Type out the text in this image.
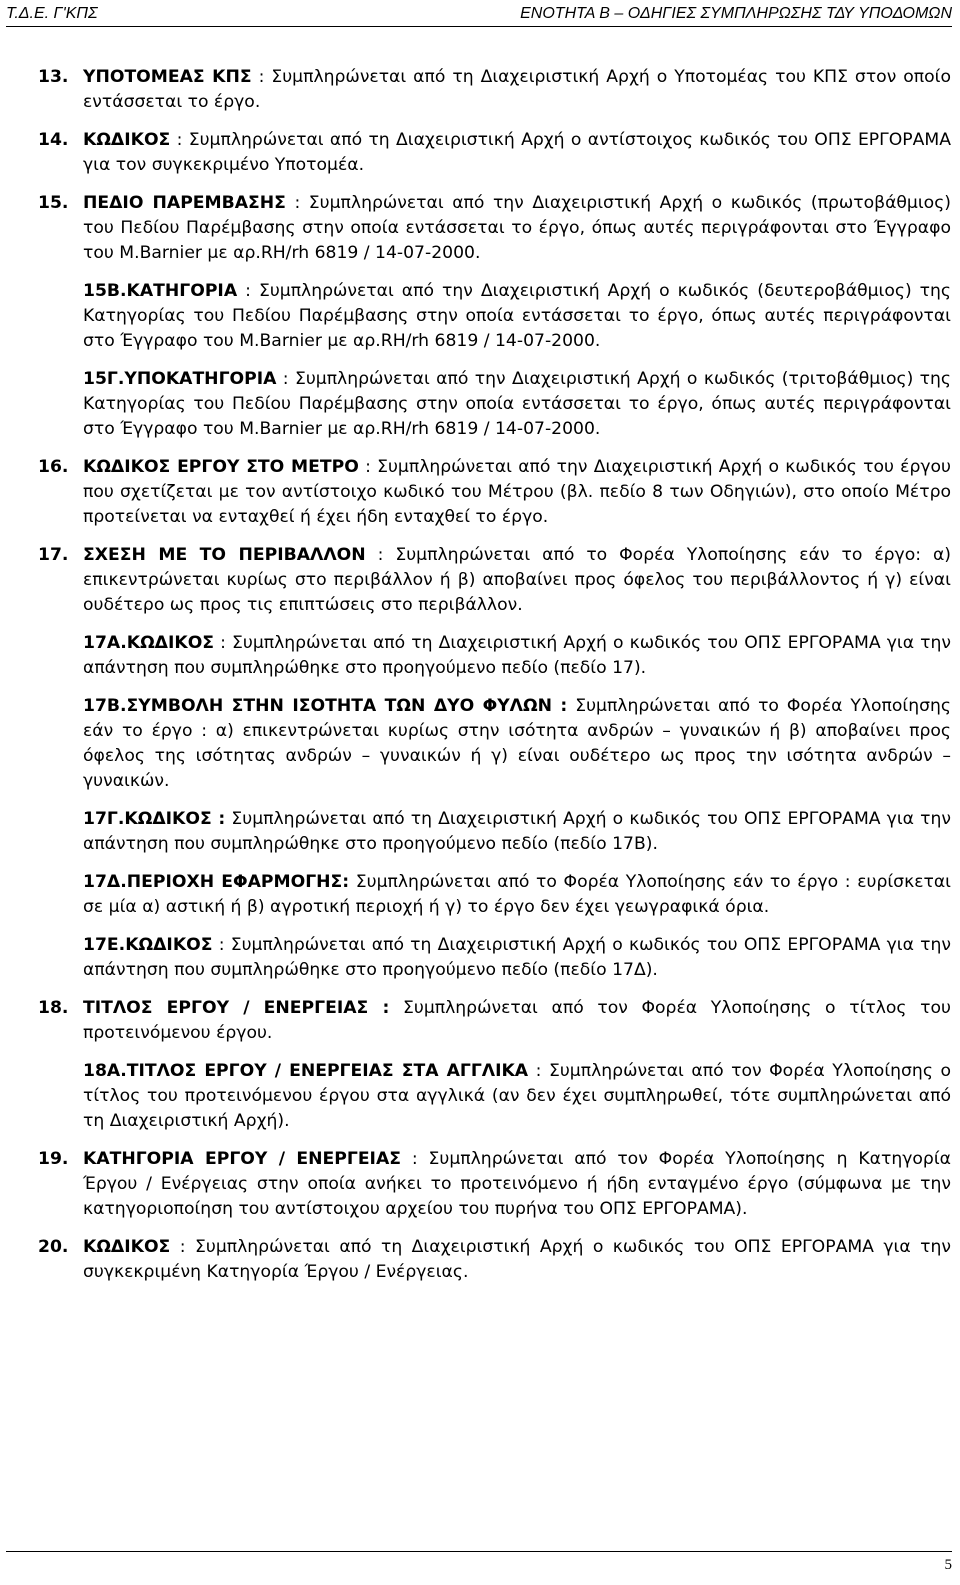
Τ.Δ.Ε. Γ'ΚΠΣ	ΕΝΟΤΗΤΑ Β – ΟΔΗΓΙΕΣ ΣΥΜΠΛΗΡΩΣΗΣ ΤΔΥ ΥΠΟΔΟΜΩΝ
13. ΥΠΟΤΟΜΕΑΣ ΚΠΣ : Συμπληρώνεται από τη Διαχειριστική Αρχή ο Υποτομέας του ΚΠΣ στον οποίο εντάσσεται το έργο.
14. ΚΩΔΙΚΟΣ : Συμπληρώνεται από τη Διαχειριστική Αρχή ο αντίστοιχος κωδικός του ΟΠΣ ΕΡΓΟΡΑΜΑ για τον συγκεκριμένο Υποτομέα.
15. ΠΕΔΙΟ ΠΑΡΕΜΒΑΣΗΣ : Συμπληρώνεται από την Διαχειριστική Αρχή ο κωδικός (πρωτοβάθμιος) του Πεδίου Παρέμβασης στην οποία εντάσσεται το έργο, όπως αυτές περιγράφονται στο Έγγραφο του Μ.Barnier με αρ.RH/rh 6819 / 14-07-2000.
15Β.ΚΑΤΗΓΟΡΙΑ : Συμπληρώνεται από την Διαχειριστική Αρχή ο κωδικός (δευτεροβάθμιος) της Κατηγορίας του Πεδίου Παρέμβασης στην οποία εντάσσεται το έργο, όπως αυτές περιγράφονται στο Έγγραφο του Μ.Barnier με αρ.RH/rh 6819 / 14-07-2000.
15Γ.ΥΠΟΚΑΤΗΓΟΡΙΑ : Συμπληρώνεται από την Διαχειριστική Αρχή ο κωδικός (τριτοβάθμιος) της Κατηγορίας του Πεδίου Παρέμβασης στην οποία εντάσσεται το έργο, όπως αυτές περιγράφονται στο Έγγραφο του Μ.Barnier με αρ.RH/rh 6819 / 14-07-2000.
16. ΚΩΔΙΚΟΣ ΕΡΓΟΥ ΣΤΟ ΜΕΤΡΟ : Συμπληρώνεται από την Διαχειριστική Αρχή ο κωδικός του έργου που σχετίζεται με τον αντίστοιχο κωδικό του Μέτρου (βλ. πεδίο 8 των Οδηγιών), στο οποίο Μέτρο προτείνεται να ενταχθεί ή έχει ήδη ενταχθεί το έργο.
17. ΣΧΕΣΗ ΜΕ ΤΟ ΠΕΡΙΒΑΛΛΟΝ : Συμπληρώνεται από το Φορέα Υλοποίησης εάν το έργο: α) επικεντρώνεται κυρίως στο περιβάλλον ή β) αποβαίνει προς όφελος του περιβάλλοντος ή γ) είναι ουδέτερο ως προς τις επιπτώσεις στο περιβάλλον.
17Α.ΚΩΔΙΚΟΣ : Συμπληρώνεται από τη Διαχειριστική Αρχή ο κωδικός του ΟΠΣ ΕΡΓΟΡΑΜΑ για την απάντηση που συμπληρώθηκε στο προηγούμενο πεδίο (πεδίο 17).
17Β.ΣΥΜΒΟΛΗ ΣΤΗΝ ΙΣΟΤΗΤΑ ΤΩΝ ΔΥΟ ΦΥΛΩΝ : Συμπληρώνεται από το Φορέα Υλοποίησης εάν το έργο : α) επικεντρώνεται κυρίως στην ισότητα ανδρών – γυναικών ή β) αποβαίνει προς όφελος της ισότητας ανδρών – γυναικών ή γ) είναι ουδέτερο ως προς την ισότητα ανδρών – γυναικών.
17Γ.ΚΩΔΙΚΟΣ : Συμπληρώνεται από τη Διαχειριστική Αρχή ο κωδικός του ΟΠΣ ΕΡΓΟΡΑΜΑ για την απάντηση που συμπληρώθηκε στο προηγούμενο πεδίο (πεδίο 17Β).
17Δ.ΠΕΡΙΟΧΗ ΕΦΑΡΜΟΓΗΣ: Συμπληρώνεται από το Φορέα Υλοποίησης εάν το έργο : ευρίσκεται σε μία α) αστική ή β) αγροτική περιοχή ή γ) το έργο δεν έχει γεωγραφικά όρια.
17Ε.ΚΩΔΙΚΟΣ : Συμπληρώνεται από τη Διαχειριστική Αρχή ο κωδικός του ΟΠΣ ΕΡΓΟΡΑΜΑ για την απάντηση που συμπληρώθηκε στο προηγούμενο πεδίο (πεδίο 17Δ).
18. ΤΙΤΛΟΣ ΕΡΓΟΥ / ΕΝΕΡΓΕΙΑΣ : Συμπληρώνεται από τον Φορέα Υλοποίησης ο τίτλος του προτεινόμενου έργου.
18Α.ΤΙΤΛΟΣ ΕΡΓΟΥ / ΕΝΕΡΓΕΙΑΣ ΣΤΑ ΑΓΓΛΙΚΑ : Συμπληρώνεται από τον Φορέα Υλοποίησης ο τίτλος του προτεινόμενου έργου στα αγγλικά (αν δεν έχει συμπληρωθεί, τότε συμπληρώνεται από τη Διαχειριστική Αρχή).
19. ΚΑΤΗΓΟΡΙΑ ΕΡΓΟΥ / ΕΝΕΡΓΕΙΑΣ : Συμπληρώνεται από τον Φορέα Υλοποίησης η Κατηγορία Έργου / Ενέργειας στην οποία ανήκει το προτεινόμενο ή ήδη ενταγμένο έργο (σύμφωνα με την κατηγοριοποίηση του αντίστοιχου αρχείου του πυρήνα του ΟΠΣ ΕΡΓΟΡΑΜΑ).
20. ΚΩΔΙΚΟΣ : Συμπληρώνεται από τη Διαχειριστική Αρχή ο κωδικός του ΟΠΣ ΕΡΓΟΡΑΜΑ για την συγκεκριμένη Κατηγορία Έργου / Ενέργειας.
5
